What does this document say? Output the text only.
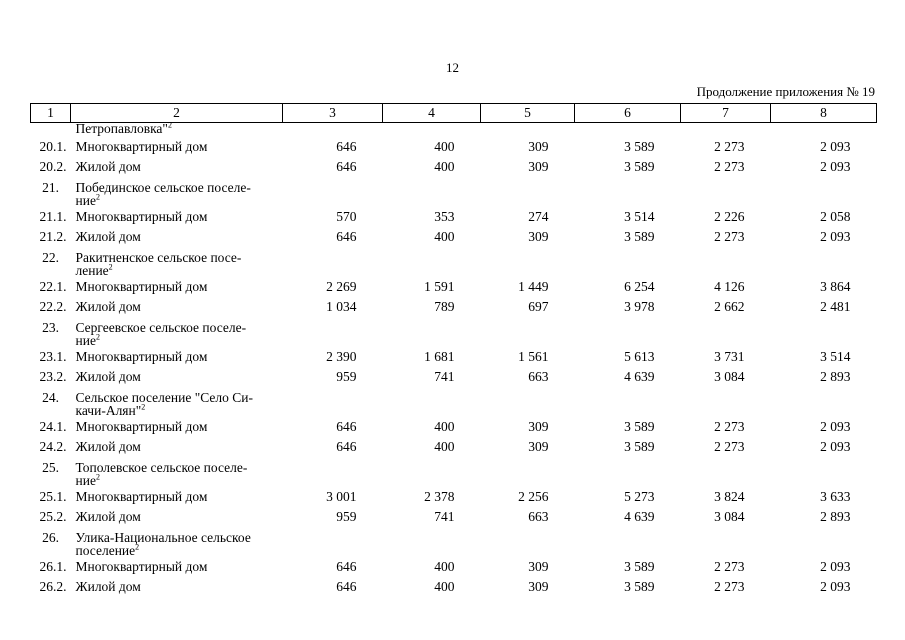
12
Продолжение приложения № 19
1	2	3	4	5	6	7	8
	Петропавловка"$^2$						
20.1.	Многоквартирный дом	646	400	309	3 589	2 273	2 093
20.2.	Жилой дом	646	400	309	3 589	2 273	2 093
21.	Побединское сельское поселе-
ние$^2$						
21.1.	Многоквартирный дом	570	353	274	3 514	2 226	2 058
21.2.	Жилой дом	646	400	309	3 589	2 273	2 093
22.	Ракитненское сельское посе-
ление$^2$						
22.1.	Многоквартирный дом	2 269	1 591	1 449	6 254	4 126	3 864
22.2.	Жилой дом	1 034	789	697	3 978	2 662	2 481
23.	Сергеевское сельское поселе-
ние$^2$						
23.1.	Многоквартирный дом	2 390	1 681	1 561	5 613	3 731	3 514
23.2.	Жилой дом	959	741	663	4 639	3 084	2 893
24.	Сельское поселение "Село Си-
качи-Алян"$^2$						
24.1.	Многоквартирный дом	646	400	309	3 589	2 273	2 093
24.2.	Жилой дом	646	400	309	3 589	2 273	2 093
25.	Тополевское сельское поселе-
ние$^2$						
25.1.	Многоквартирный дом	3 001	2 378	2 256	5 273	3 824	3 633
25.2.	Жилой дом	959	741	663	4 639	3 084	2 893
26.	Улика-Национальное сельское
поселение$^2$						
26.1.	Многоквартирный дом	646	400	309	3 589	2 273	2 093
26.2.	Жилой дом	646	400	309	3 589	2 273	2 093
